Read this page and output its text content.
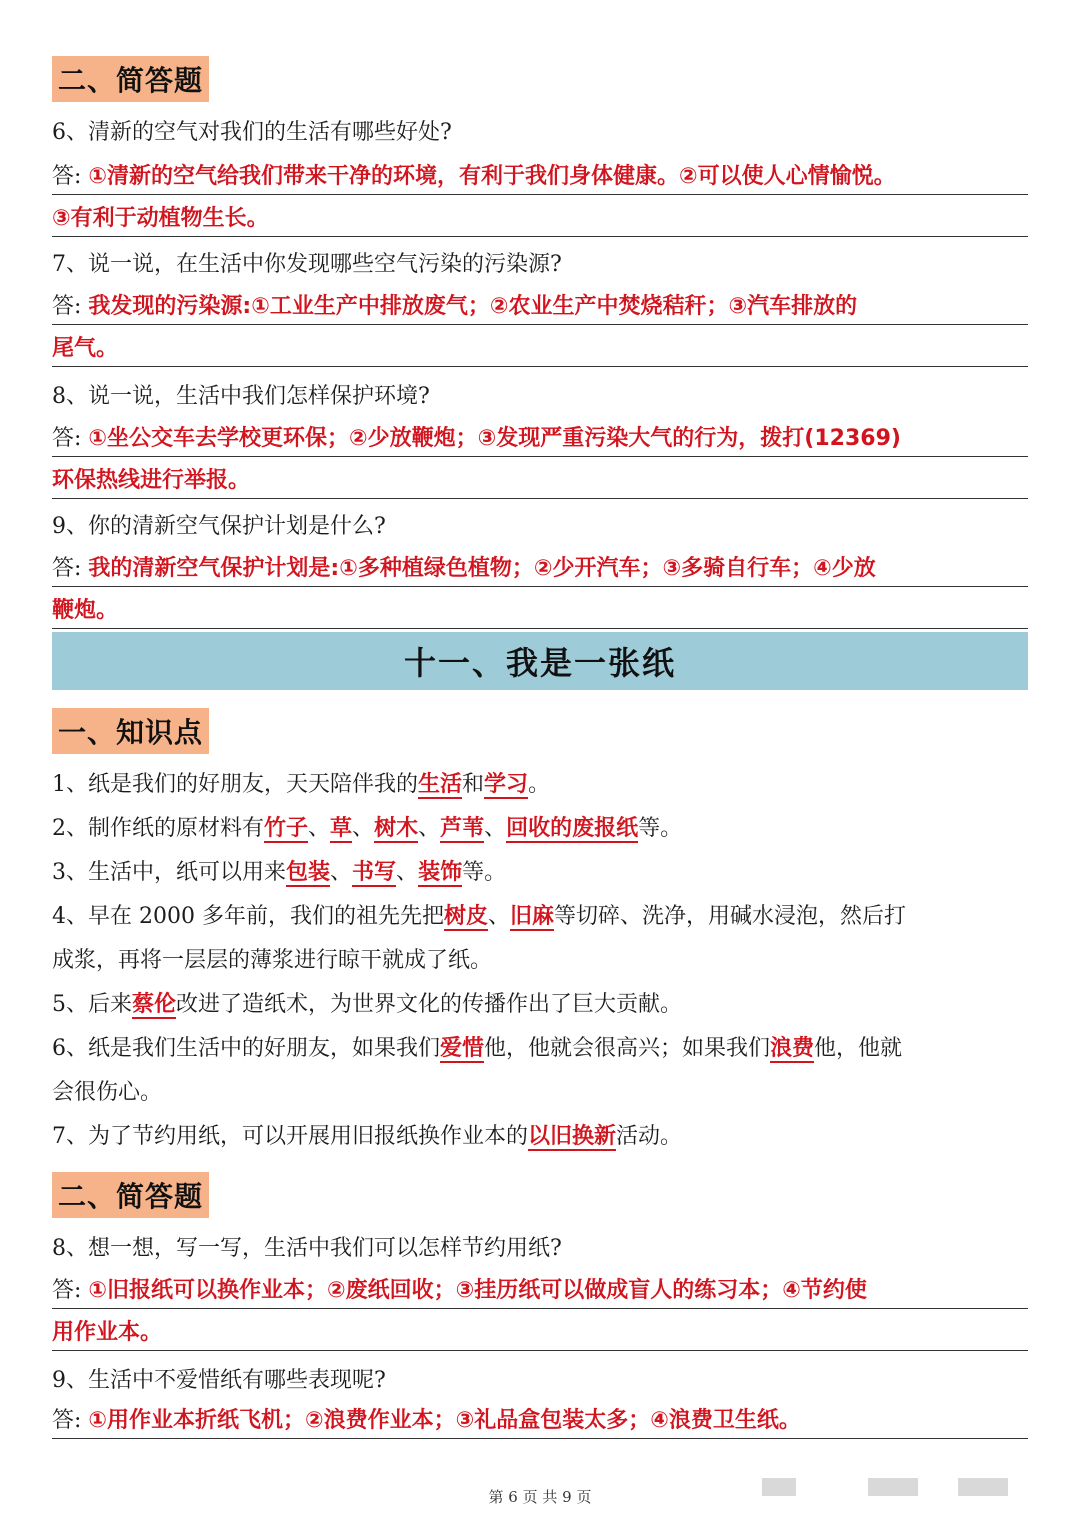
二、简答题
6、清新的空气对我们的生活有哪些好处?
答: ①清新的空气给我们带来干净的环境，有利于我们身体健康。②可以使人心情愉悦。
③有利于动植物生长。
7、说一说，在生活中你发现哪些空气污染的污染源?
答: 我发现的污染源:①工业生产中排放废气；②农业生产中焚烧秸秆；③汽车排放的
尾气。
8、说一说，生活中我们怎样保护环境?
答: ①坐公交车去学校更环保；②少放鞭炮；③发现严重污染大气的行为，拨打(12369)
环保热线进行举报。
9、你的清新空气保护计划是什么?
答: 我的清新空气保护计划是:①多种植绿色植物；②少开汽车；③多骑自行车；④少放
鞭炮。
十一、我是一张纸
一、知识点
1、纸是我们的好朋友，天天陪伴我的生活和学习。
2、制作纸的原材料有竹子、草、树木、芦苇、回收的废报纸等。
3、生活中，纸可以用来包装、书写、装饰等。
4、早在 2000 多年前，我们的祖先先把树皮、旧麻等切碎、洗净，用碱水浸泡，然后打
成浆，再将一层层的薄浆进行晾干就成了纸。
5、后来蔡伦改进了造纸术，为世界文化的传播作出了巨大贡献。
6、纸是我们生活中的好朋友，如果我们爱惜他，他就会很高兴；如果我们浪费他，他就
会很伤心。
7、为了节约用纸，可以开展用旧报纸换作业本的以旧换新活动。
二、简答题
8、想一想，写一写，生活中我们可以怎样节约用纸?
答: ①旧报纸可以换作业本；②废纸回收；③挂历纸可以做成盲人的练习本；④节约使
用作业本。
9、生活中不爱惜纸有哪些表现呢?
答: ①用作业本折纸飞机；②浪费作业本；③礼品盒包装太多；④浪费卫生纸。
第 6 页 共 9 页
